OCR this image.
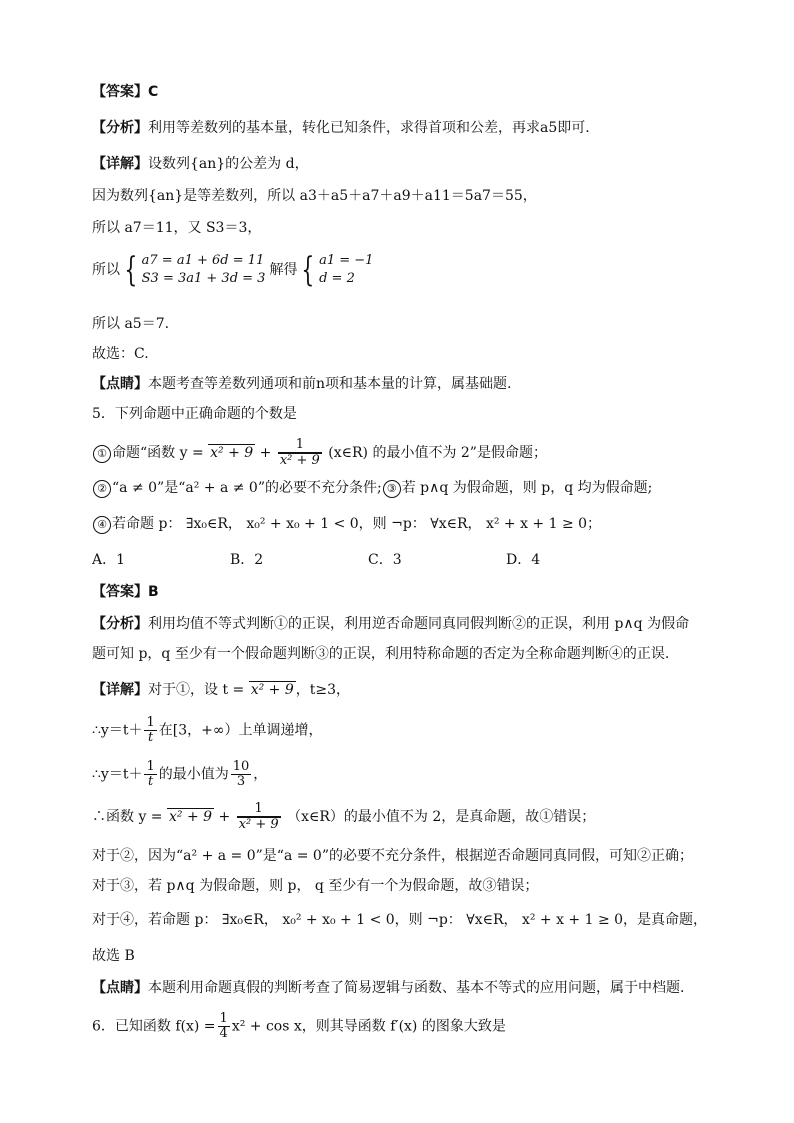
【答案】C
【分析】利用等差数列的基本量，转化已知条件，求得首项和公差，再求a5即可.
【详解】设数列{an}的公差为 d，
因为数列{an}是等差数列，所以 a3＋a5＋a7＋a9＋a11＝5a7＝55，
所以 a7＝11，又 S3＝3，
所以 { a7 = a1 + 6d = 11
S3 = 3a1 + 3d = 3
解得 { a1 = −1
d = 2
所以 a5＝7.
故选：C.
【点睛】本题考查等差数列通项和前n项和基本量的计算，属基础题.
5．下列命题中正确命题的个数是
① 命题“函数 $y = x^2 + 9 + \frac{1}{\text{x² + 9}}$ (x∈R) 的最小值不为 2”是假命题；
② “a ≠ 0”是“a² + a ≠ 0”的必要不充分条件; ③ 若 p∧q 为假命题，则 p，q 均为假命题;
④ 若命题 p： ∃x₀∈R， x₀² + x₀ + 1 < 0，则 ¬p： ∀x∈R， x² + x + 1 ≥ 0；
A．1	B．2	C．3	D．4
【答案】B
【分析】利用均值不等式判断①的正误，利用逆否命题同真同假判断②的正误，利用 p∧q 为假命
题可知 p，q 至少有一个假命题判断③的正误，利用特称命题的否定为全称命题判断④的正误.
【详解】对于①，设 t = x² + 9 ，t≥3，
∴y＝t＋ $\frac{1}{t}$ 在[3，+∞）上单调递增，
∴y＝t＋ $\frac{1}{t}$ 的最小值为 $\frac{10}{3}$ ，
∴函数 $y = x^2 + 9 + \frac{1}{\text{x² + 9}}$ （x∈R）的最小值不为 2，是真命题，故①错误；
对于②，因为“a² + a = 0”是“a = 0”的必要不充分条件，根据逆否命题同真同假，可知②正确；
对于③，若 p∧q 为假命题，则 p， q 至少有一个为假命题，故③错误；
对于④，若命题 p： ∃x₀∈R， x₀² + x₀ + 1 < 0，则 ¬p： ∀x∈R， x² + x + 1 ≥ 0，是真命题，
故选 B
【点睛】本题利用命题真假的判断考查了简易逻辑与函数、基本不等式的应用问题，属于中档题.
6．已知函数 $f(x) = \frac{1}{4} x^2 + \cos x$，则其导函数 f′(x) 的图象大致是
